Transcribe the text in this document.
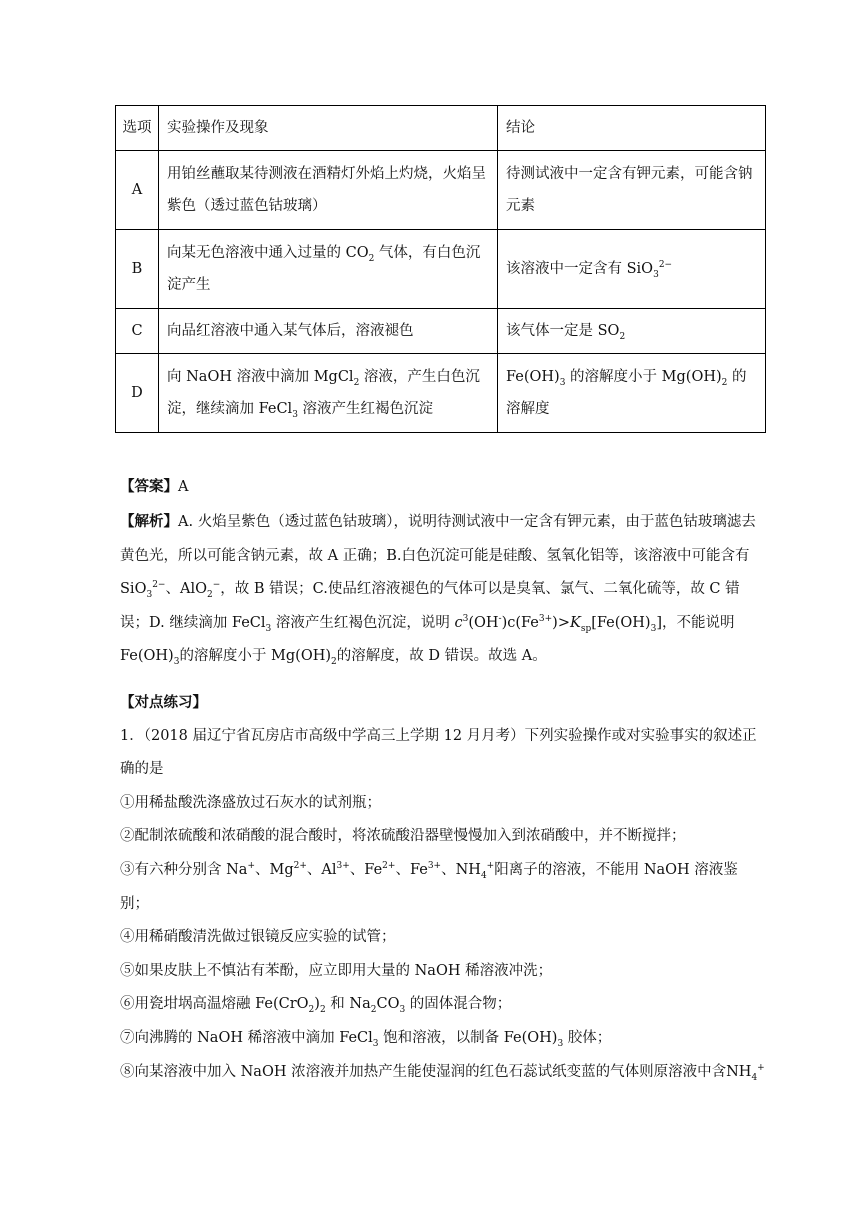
选项	实验操作及现象	结论
A	用铂丝蘸取某待测液在酒精灯外焰上灼烧，火焰呈紫色（透过蓝色钴玻璃）	待测试液中一定含有钾元素，可能含钠元素
B	向某无色溶液中通入过量的 $CO_2$ 气体，有白色沉淀产生	该溶液中一定含有 SiO$_3^{2-}$
C	向品红溶液中通入某气体后，溶液褪色	该气体一定是 $SO_2$
D	向 NaOH 溶液中滴加 MgCl$_2$ 溶液，产生白色沉淀，继续滴加 FeCl$_3$ 溶液产生红褐色沉淀	$Fe(OH)_3$ 的溶解度小于 $Mg(OH)_2$ 的溶解度

【答案】A

【解析】A. 火焰呈紫色（透过蓝色钴玻璃），说明待测试液中一定含有钾元素，由于蓝色钴玻璃滤去黄色光，所以可能含钠元素，故 A 正确；B.白色沉淀可能是硅酸、氢氧化铝等，该溶液中可能含有 SiO$_3^{2-}$、AlO$_2$−，故 B 错误；C.使品红溶液褪色的气体可以是臭氧、氯气、二氧化硫等，故 C 错误；D. 继续滴加 FeCl$_3$ 溶液产生红褐色沉淀，说明 $c^3(OH^-)c(Fe^{3+})>K_{sp}[Fe(OH)_3]$，不能说明 $Fe(OH)_3$的溶解度小于 $Mg(OH)_2$的溶解度，故 D 错误。故选 A。

【对点练习】

1．（2018 届辽宁省瓦房店市高级中学高三上学期 12 月月考）下列实验操作或对实验事实的叙述正确的是

①用稀盐酸洗涤盛放过石灰水的试剂瓶；

②配制浓硫酸和浓硝酸的混合酸时，将浓硫酸沿器壁慢慢加入到浓硝酸中，并不断搅拌；

③有六种分别含 Na+、$Mg^{2+}$、$Al^{3+}$、$Fe^{2+}$、$Fe^{3+}$、$NH_4^+$阳离子的溶液，不能用 NaOH 溶液鉴别；

④用稀硝酸清洗做过银镜反应实验的试管；

⑤如果皮肤上不慎沾有苯酚，应立即用大量的 NaOH 稀溶液冲洗；

⑥用瓷坩埚高温熔融 $Fe(CrO_2)_2$ 和 $Na_2CO_3$ 的固体混合物；

⑦向沸腾的 NaOH 稀溶液中滴加 FeCl$_3$ 饱和溶液，以制备 $Fe(OH)_3$ 胶体；

⑧向某溶液中加入 NaOH 浓溶液并加热产生能使湿润的红色石蕊试纸变蓝的气体则原溶液中含$NH_4^+$
